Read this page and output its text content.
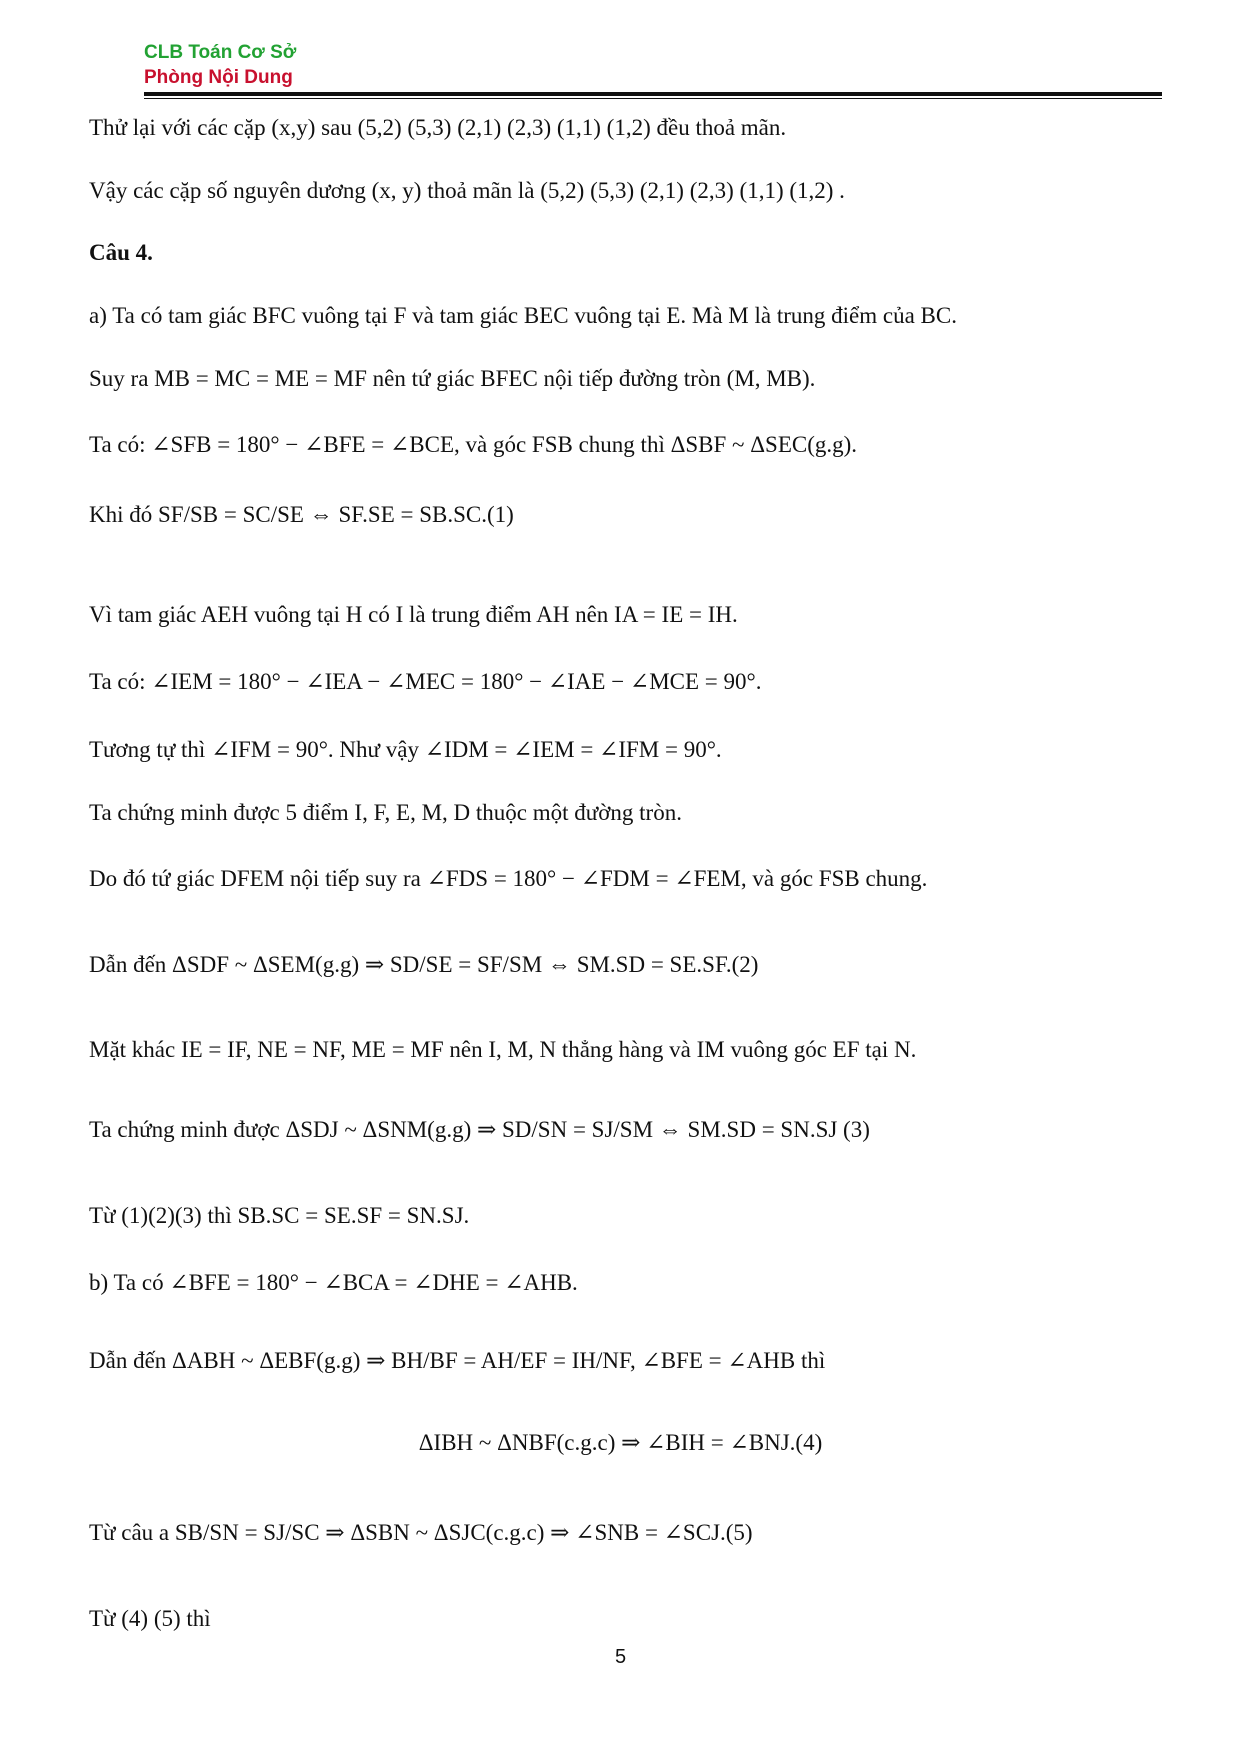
CLB Toán Cơ Sở
Phòng Nội Dung
Thử lại với các cặp (x,y) sau (5,2) (5,3) (2,1) (2,3) (1,1) (1,2) đều thoả mãn.
Vậy các cặp số nguyên dương (x, y) thoả mãn là (5,2) (5,3) (2,1) (2,3) (1,1) (1,2) .
Câu 4.
a) Ta có tam giác BFC vuông tại F và tam giác BEC vuông tại E. Mà M là trung điểm của BC.
Suy ra MB = MC = ME = MF nên tứ giác BFEC nội tiếp đường tròn (M, MB).
Ta có: ∠SFB = 180° − ∠BFE = ∠BCE, và góc FSB chung thì ΔSBF ~ ΔSEC(g.g).
Khi đó SF/SB = SC/SE ⇔ SF.SE = SB.SC.(1)
Vì tam giác AEH vuông tại H có I là trung điểm AH nên IA = IE = IH.
Ta có: ∠IEM = 180° − ∠IEA − ∠MEC = 180° − ∠IAE − ∠MCE = 90°.
Tương tự thì ∠IFM = 90°. Như vậy ∠IDM = ∠IEM = ∠IFM = 90°.
Ta chứng minh được 5 điểm I, F, E, M, D thuộc một đường tròn.
Do đó tứ giác DFEM nội tiếp suy ra ∠FDS = 180° − ∠FDM = ∠FEM, và góc FSB chung.
Dẫn đến ΔSDF ~ ΔSEM(g.g) ⇒ SD/SE = SF/SM ⇔ SM.SD = SE.SF.(2)
Mặt khác IE = IF, NE = NF, ME = MF nên I, M, N thẳng hàng và IM vuông góc EF tại N.
Ta chứng minh được ΔSDJ ~ ΔSNM(g.g) ⇒ SD/SN = SJ/SM ⇔ SM.SD = SN.SJ (3)
Từ (1)(2)(3) thì SB.SC = SE.SF = SN.SJ.
b) Ta có ∠BFE = 180° − ∠BCA = ∠DHE = ∠AHB.
Dẫn đến ΔABH ~ ΔEBF(g.g) ⇒ BH/BF = AH/EF = IH/NF, ∠BFE = ∠AHB thì
ΔIBH ~ ΔNBF(c.g.c) ⇒ ∠BIH = ∠BNJ.(4)
Từ câu a SB/SN = SJ/SC ⇒ ΔSBN ~ ΔSJC(c.g.c) ⇒ ∠SNB = ∠SCJ.(5)
Từ (4) (5) thì
5
